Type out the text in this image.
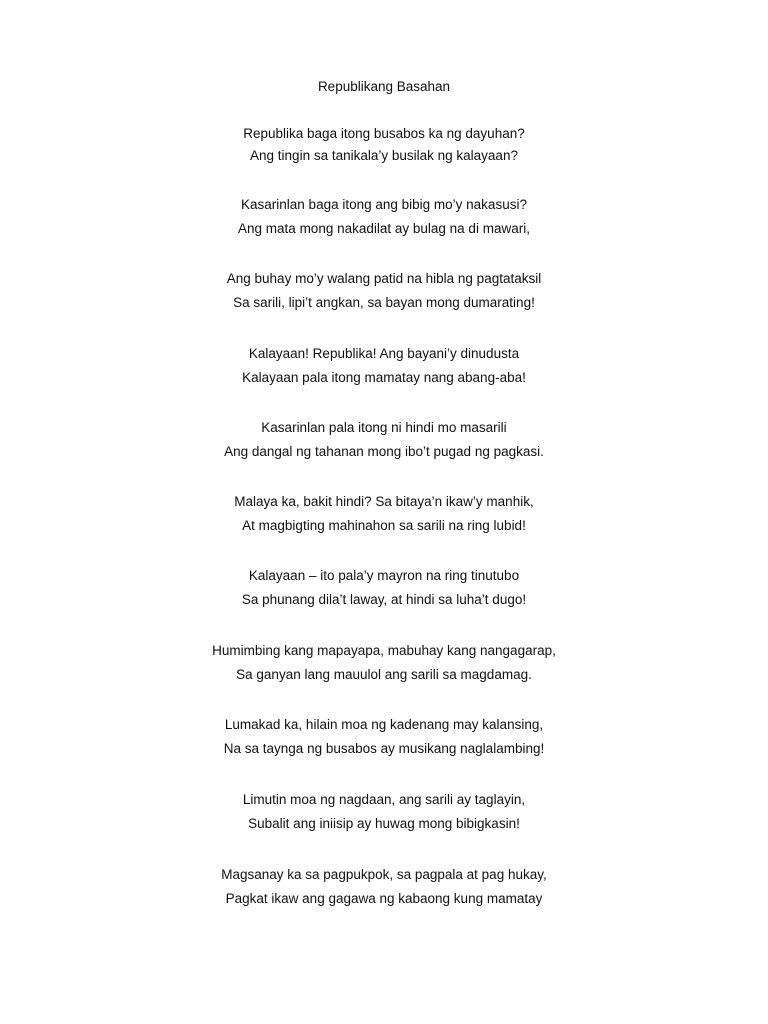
Republikang Basahan
Republika baga itong busabos ka ng dayuhan?
Ang tingin sa tanikala’y busilak ng kalayaan?
Kasarinlan baga itong ang bibig mo’y nakasusi?
Ang mata mong nakadilat ay bulag na di mawari,
Ang buhay mo’y walang patid na hibla ng pagtataksil
Sa sarili, lipi’t angkan, sa bayan mong dumarating!
Kalayaan! Republika! Ang bayani’y dinudusta
Kalayaan pala itong mamatay nang abang-aba!
Kasarinlan pala itong ni hindi mo masarili
Ang dangal ng tahanan mong ibo’t pugad ng pagkasi.
Malaya ka, bakit hindi? Sa bitaya’n ikaw’y manhik,
At magbigting mahinahon sa sarili na ring lubid!
Kalayaan – ito pala’y mayron na ring tinutubo
Sa phunang dila’t laway, at hindi sa luha’t dugo!
Humimbing kang mapayapa, mabuhay kang nangagarap,
Sa ganyan lang mauulol ang sarili sa magdamag.
Lumakad ka, hilain moa ng kadenang may kalansing,
Na sa taynga ng busabos ay musikang naglalambing!
Limutin moa ng nagdaan, ang sarili ay taglayin,
Subalit ang iniisip ay huwag mong bibigkasin!
Magsanay ka sa pagpukpok, sa pagpala at pag hukay,
Pagkat ikaw ang gagawa ng kabaong kung mamatay
